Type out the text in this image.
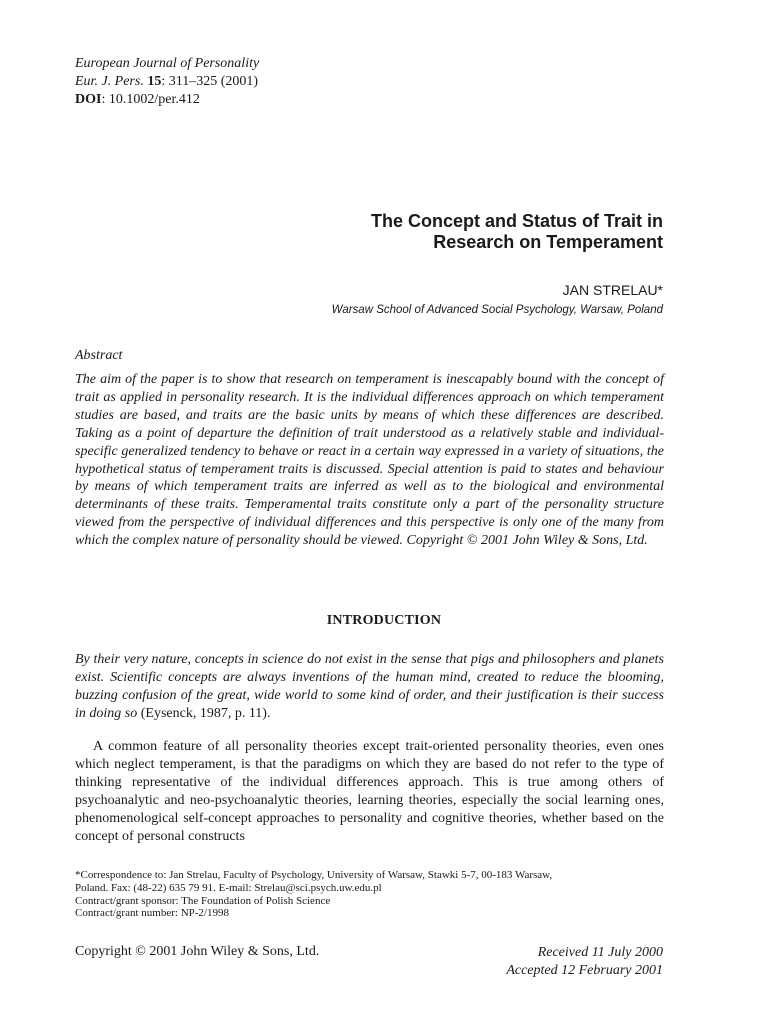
European Journal of Personality
Eur. J. Pers. 15: 311–325 (2001)
DOI: 10.1002/per.412
The Concept and Status of Trait in
Research on Temperament
JAN STRELAU*
Warsaw School of Advanced Social Psychology, Warsaw, Poland
Abstract
The aim of the paper is to show that research on temperament is inescapably bound with the concept of trait as applied in personality research. It is the individual differences approach on which temperament studies are based, and traits are the basic units by means of which these differences are described. Taking as a point of departure the definition of trait understood as a relatively stable and individual-specific generalized tendency to behave or react in a certain way expressed in a variety of situations, the hypothetical status of temperament traits is discussed. Special attention is paid to states and behaviour by means of which temperament traits are inferred as well as to the biological and environmental determinants of these traits. Temperamental traits constitute only a part of the personality structure viewed from the perspective of individual differences and this perspective is only one of the many from which the complex nature of personality should be viewed. Copyright © 2001 John Wiley & Sons, Ltd.
INTRODUCTION
By their very nature, concepts in science do not exist in the sense that pigs and philosophers and planets exist. Scientific concepts are always inventions of the human mind, created to reduce the blooming, buzzing confusion of the great, wide world to some kind of order, and their justification is their success in doing so (Eysenck, 1987, p. 11).
A common feature of all personality theories except trait-oriented personality theories, even ones which neglect temperament, is that the paradigms on which they are based do not refer to the type of thinking representative of the individual differences approach. This is true among others of psychoanalytic and neo-psychoanalytic theories, learning theories, especially the social learning ones, phenomenological self-concept approaches to personality and cognitive theories, whether based on the concept of personal constructs
*Correspondence to: Jan Strelau, Faculty of Psychology, University of Warsaw, Stawki 5-7, 00-183 Warsaw,
Poland. Fax: (48-22) 635 79 91. E-mail: Strelau@sci.psych.uw.edu.pl
Contract/grant sponsor: The Foundation of Polish Science
Contract/grant number: NP-2/1998
Copyright © 2001 John Wiley & Sons, Ltd.	Received 11 July 2000
Accepted 12 February 2001
